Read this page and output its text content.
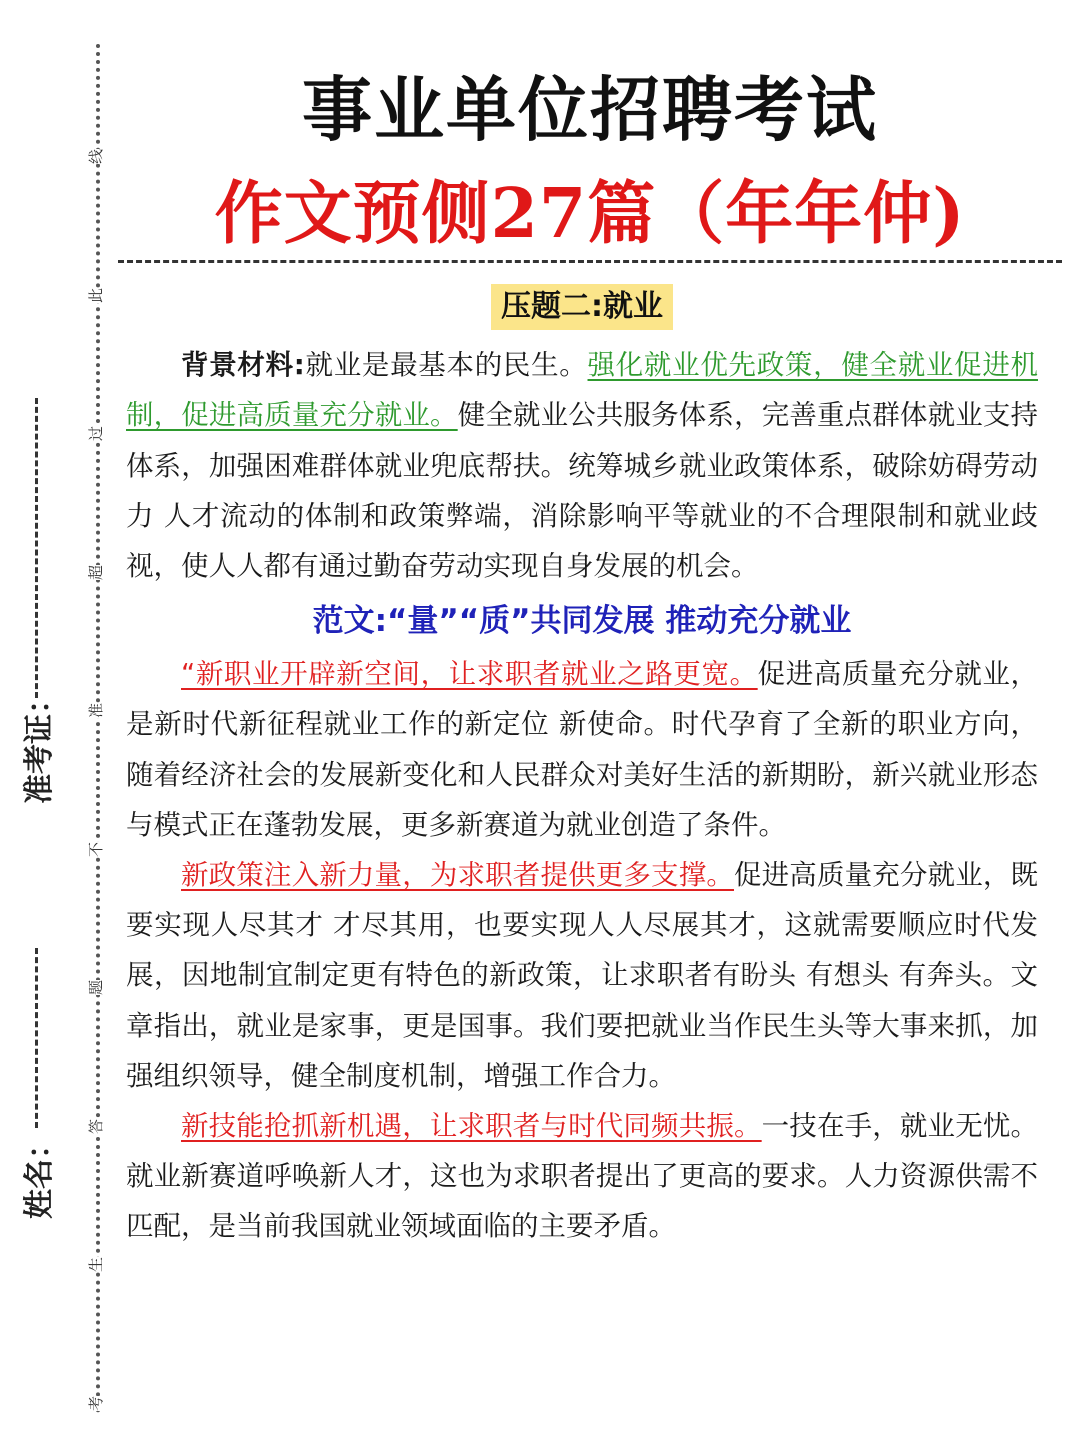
线
此
过
超
准
不
题
答
生
考
准考证：
姓名：
事业单位招聘考试
作文预侧27篇（年年仲)
压题二:就业

背景材料:就业是最基本的民生。强化就业优先政策，健全就业促进机制，促进高质量充分就业。健全就业公共服务体系，完善重点群体就业支持体系，加强困难群体就业兜底帮扶。统筹城乡就业政策体系，破除妨碍劳动力 人才流动的体制和政策弊端，消除影响平等就业的不合理限制和就业歧视，使人人都有通过勤奋劳动实现自身发展的机会。

范文:“量”“质”共同发展 推动充分就业

“新职业开辟新空间，让求职者就业之路更宽。促进高质量充分就业，是新时代新征程就业工作的新定位 新使命。时代孕育了全新的职业方向，随着经济社会的发展新变化和人民群众对美好生活的新期盼，新兴就业形态与模式正在蓬勃发展，更多新赛道为就业创造了条件。

新政策注入新力量，为求职者提供更多支撑。促进高质量充分就业，既要实现人尽其才 才尽其用，也要实现人人尽展其才，这就需要顺应时代发展，因地制宜制定更有特色的新政策，让求职者有盼头 有想头 有奔头。文章指出，就业是家事，更是国事。我们要把就业当作民生头等大事来抓，加强组织领导，健全制度机制，增强工作合力。

新技能抢抓新机遇，让求职者与时代同频共振。一技在手，就业无忧。就业新赛道呼唤新人才，这也为求职者提出了更高的要求。人力资源供需不匹配，是当前我国就业领域面临的主要矛盾。
